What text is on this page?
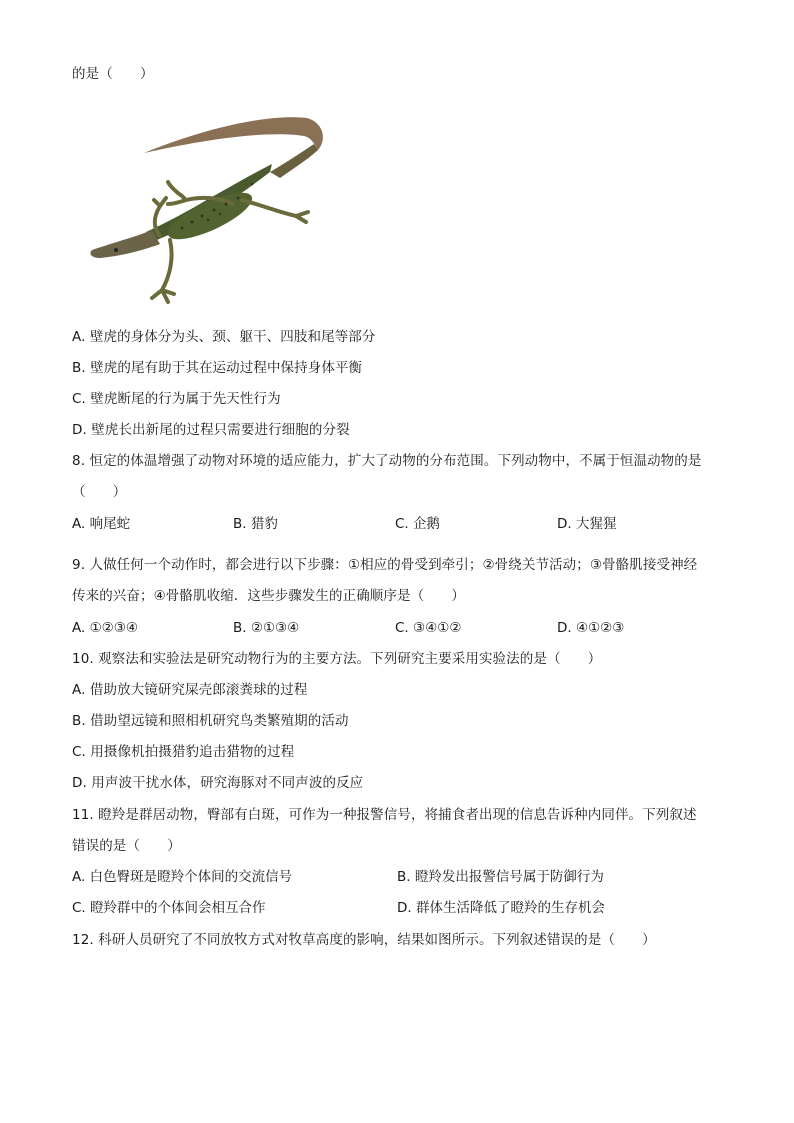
的是（　　）
A. 壁虎的身体分为头、颈、躯干、四肢和尾等部分
B. 壁虎的尾有助于其在运动过程中保持身体平衡
C. 壁虎断尾的行为属于先天性行为
D. 壁虎长出新尾的过程只需要进行细胞的分裂
8. 恒定的体温增强了动物对环境的适应能力，扩大了动物的分布范围。下列动物中，不属于恒温动物的是
（　　）
A. 响尾蛇	B. 猎豹	C. 企鹅	D. 大猩猩
9. 人做任何一个动作时，都会进行以下步骤：①相应的骨受到牵引；②骨绕关节活动；③骨骼肌接受神经
传来的兴奋；④骨骼肌收缩．这些步骤发生的正确顺序是（　　）
A. ①②③④	B. ②①③④	C. ③④①②	D. ④①②③
10. 观察法和实验法是研究动物行为的主要方法。下列研究主要采用实验法的是（　　）
A. 借助放大镜研究屎壳郎滚粪球的过程
B. 借助望远镜和照相机研究鸟类繁殖期的活动
C. 用摄像机拍摄猎豹追击猎物的过程
D. 用声波干扰水体，研究海豚对不同声波的反应
11. 瞪羚是群居动物，臀部有白斑，可作为一种报警信号，将捕食者出现的信息告诉种内同伴。下列叙述
错误的是（　　）
A. 白色臀斑是瞪羚个体间的交流信号	B. 瞪羚发出报警信号属于防御行为
C. 瞪羚群中的个体间会相互合作	D. 群体生活降低了瞪羚的生存机会
12. 科研人员研究了不同放牧方式对牧草高度的影响，结果如图所示。下列叙述错误的是（　　）
